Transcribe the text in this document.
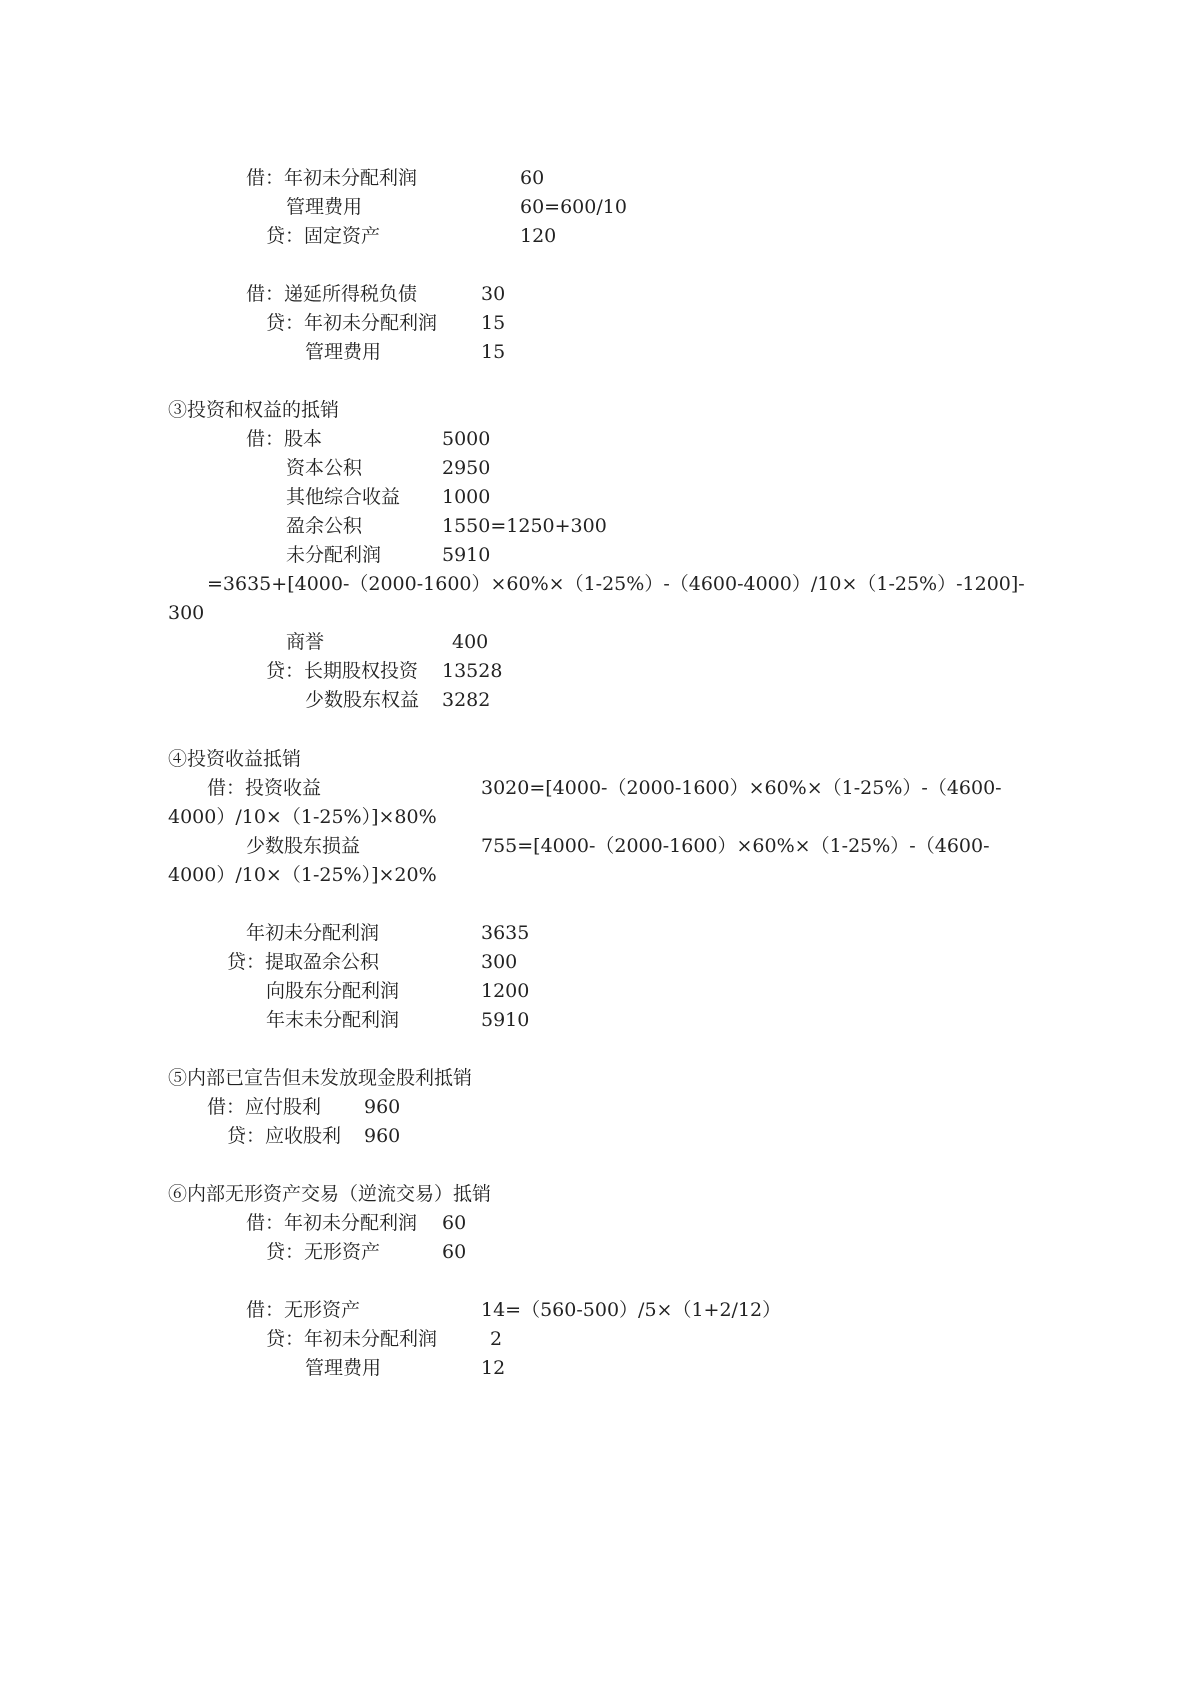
借：年初未分配利润	60
管理费用	60=600/10
贷：固定资产	120
借：递延所得税负债	30
贷：年初未分配利润 15
管理费用	15
③投资和权益的抵销
借：股本	5000
资本公积	2950
其他综合收益 1000
盈余公积	1550=1250+300
未分配利润	5910
=3635+[4000-（2000-1600）×60%×（1-25%）-（4600-4000）/10×（1-25%）-1200]-
300
商誉	400
贷：长期股权投资 13528
少数股东权益 3282
④投资收益抵销
借：投资收益	3020=[4000-（2000-1600）×60%×（1-25%）-（4600-
4000）/10×（1-25%）]×80%
少数股东损益	755=[4000-（2000-1600）×60%×（1-25%）-（4600-
4000）/10×（1-25%）]×20%
年初未分配利润	3635
贷：提取盈余公积	300
向股东分配利润	1200
年末未分配利润	5910
⑤内部已宣告但未发放现金股利抵销
借：应付股利 960
贷：应收股利 960
⑥内部无形资产交易（逆流交易）抵销
借：年初未分配利润 60
贷：无形资产	60
借：无形资产	14=（560-500）/5×（1+2/12）
贷：年初未分配利润	2
管理费用	12
